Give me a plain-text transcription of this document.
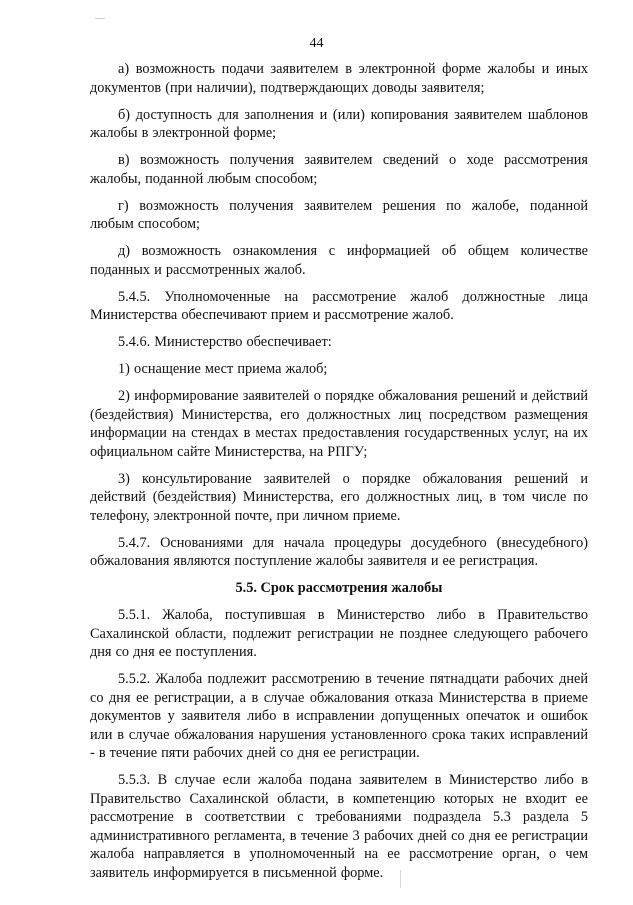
44

а) возможность подачи заявителем в электронной форме жалобы и иных документов (при наличии), подтверждающих доводы заявителя;

б) доступность для заполнения и (или) копирования заявителем шаблонов жалобы в электронной форме;

в) возможность получения заявителем сведений о ходе рассмотрения жалобы, поданной любым способом;

г) возможность получения заявителем решения по жалобе, поданной любым способом;

д) возможность ознакомления с информацией об общем количестве поданных и рассмотренных жалоб.

5.4.5. Уполномоченные на рассмотрение жалоб должностные лица Министерства обеспечивают прием и рассмотрение жалоб.

5.4.6. Министерство обеспечивает:

1) оснащение мест приема жалоб;

2) информирование заявителей о порядке обжалования решений и действий (бездействия) Министерства, его должностных лиц посредством размещения информации на стендах в местах предоставления государственных услуг, на их официальном сайте Министерства, на РПГУ;

3) консультирование заявителей о порядке обжалования решений и действий (бездействия) Министерства, его должностных лиц, в том числе по телефону, электронной почте, при личном приеме.

5.4.7. Основаниями для начала процедуры досудебного (внесудебного) обжалования являются поступление жалобы заявителя и ее регистрация.

5.5. Срок рассмотрения жалобы

5.5.1. Жалоба, поступившая в Министерство либо в Правительство Сахалинской области, подлежит регистрации не позднее следующего рабочего дня со дня ее поступления.

5.5.2. Жалоба подлежит рассмотрению в течение пятнадцати рабочих дней со дня ее регистрации, а в случае обжалования отказа Министерства в приеме документов у заявителя либо в исправлении допущенных опечаток и ошибок или в случае обжалования нарушения установленного срока таких исправлений - в течение пяти рабочих дней со дня ее регистрации.

5.5.3. В случае если жалоба подана заявителем в Министерство либо в Правительство Сахалинской области, в компетенцию которых не входит ее рассмотрение в соответствии с требованиями подраздела 5.3 раздела 5 административного регламента, в течение 3 рабочих дней со дня ее регистрации жалоба направляется в уполномоченный на ее рассмотрение орган, о чем заявитель информируется в письменной форме.
